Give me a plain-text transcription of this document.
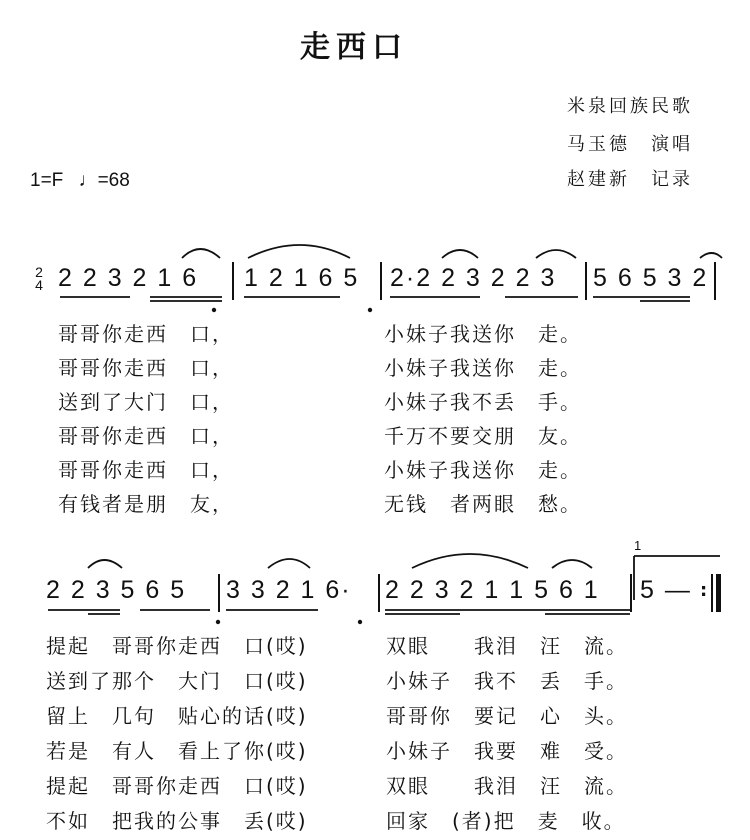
走西口
米泉回族民歌
马玉德　演唱
赵建新　记录
1=F ♩=68
2
4 2 2 3 2 1 6 1 2 1 6 5 2·2 2 3 2 2 3 5 6 5 3 2
哥哥你走西　口，	小妹子我送你　走。
哥哥你走西　口，	小妹子我送你　走。
送到了大门　口，	小妹子我不丢　手。
哥哥你走西　口，	千万不要交朋　友。
哥哥你走西　口，	小妹子我送你　走。
有钱者是朋　友，	无钱　者两眼　愁。
1
2 2 3 5 6 5 3 3 2 1 6· 2 2 3 2 1 1 5 6 1 5 — :
提起　哥哥你走西　口(哎)	双眼　　我泪　汪　流。
送到了那个　大门　口(哎)	小妹子　我不　丢　手。
留上　几句　贴心的话(哎)	哥哥你　要记　心　头。
若是　有人　看上了你(哎)	小妹子　我要　难　受。
提起　哥哥你走西　口(哎)	双眼　　我泪　汪　流。
不如　把我的公事　丢(哎)	回家　(者)把　麦　收。
